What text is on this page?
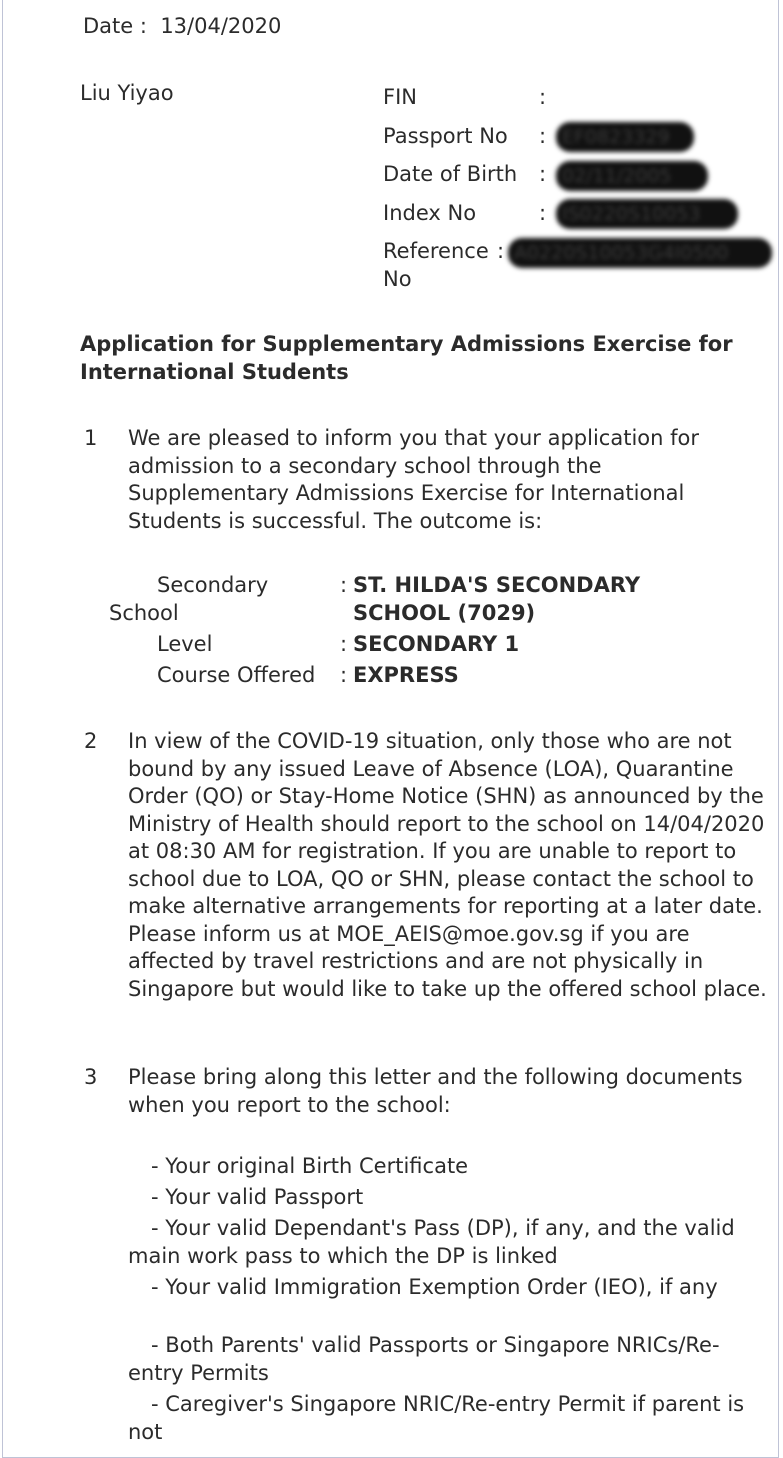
Date : 13/04/2020
Liu Yiyao	FIN	:
Passport No : EF0823329
Date of Birth : 02/11/2005
Index No	: IS0220S10053
Reference : A0220S10053G4I0500
No
Application for Supplementary Admissions Exercise for International Students
1 We are pleased to inform you that your application for admission to a secondary school through the Supplementary Admissions Exercise for International Students is successful. The outcome is:
Secondary
School
: ST. HILDA'S SECONDARY SCHOOL (7029)
Level	: SECONDARY 1
Course Offered : EXPRESS
2 In view of the COVID-19 situation, only those who are not bound by any issued Leave of Absence (LOA), Quarantine Order (QO) or Stay-Home Notice (SHN) as announced by the Ministry of Health should report to the school on 14/04/2020 at 08:30 AM for registration. If you are unable to report to school due to LOA, QO or SHN, please contact the school to make alternative arrangements for reporting at a later date. Please inform us at MOE_AEIS@moe.gov.sg if you are affected by travel restrictions and are not physically in Singapore but would like to take up the offered school place.
3 Please bring along this letter and the following documents when you report to the school:
- Your original Birth Certificate
- Your valid Passport
- Your valid Dependant's Pass (DP), if any, and the valid main work pass to which the DP is linked
- Your valid Immigration Exemption Order (IEO), if any
- Both Parents' valid Passports or Singapore NRICs/Re-entry Permits
- Caregiver's Singapore NRIC/Re-entry Permit if parent is not
